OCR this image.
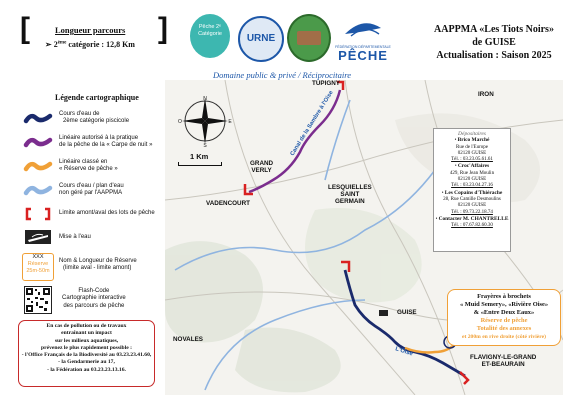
[	]
Longueur parcours
➢ 2ème catégorie : 12,8 Km
Pêche 2ᵉ
Catégorie	URNE
FÉDÉRATION DÉPARTEMENTALE
PÊCHE
Domaine public & privé / Réciprocitaire
AAPPMA «Les Tiots Noirs»
de GUISE
Actualisation : Saison 2025
Légende cartographique
Cours d'eau de
2ème catégorie piscicole
Linéaire autorisé à la pratique
de la pêche de la « Carpe de nuit »
Linéaire classé en
« Réserve de pêche »
Cours d'eau / plan d'eau
non géré par l'AAPPMA
Limite amont/aval des lots de pêche
Mise à l'eau
XXX
Réserve
25m-50m
Nom & Longueur de Réserve
(limite aval - limite amont)
Flash-Code
Cartographie interactive
des parcours de pêche
En cas de pollution ou de travaux
entraînant un impact
sur les milieux aquatiques,
prévenez le plus rapidement possible :
- l'Office Français de la Biodiversité au 03.23.23.41.60,
- la Gendarmerie au 17,
- la Fédération au 03.23.23.13.16.
Canal de la Sambre à l'Oise
L'Oise
N
S
E
O
1 Km
TUPIGNY
IRON
GRAND
VERLY
VADENCOURT
LESQUIELLES
SAINT
GERMAIN
GUISE
NOVALES
FLAVIGNY-LE-GRAND
ET-BEAURAIN
Dépositaires
• Brico Marché
Rue de l'Europe
02120 GUISE
Tél. : 03.23.05.61.61
• Croc'Affaires
429, Rue Jean Moulin
02120 GUISE
Tél. : 03.23.04.27.16
• Les Copains d'Thiérache
28, Rue Camille Desmoulins
02120 GUISE
Tél. : 09.73.22.18.74
• Contacter M. CHANTRELLE
Tél. : 07.67.82.60.30
Frayères à brochets
« Muid Semery», «Rivière Oise»
& «Entre Deux Eaux»
Réserve de pêche
Totalité des annexes
et 200m en rive droite (côté rivière)
